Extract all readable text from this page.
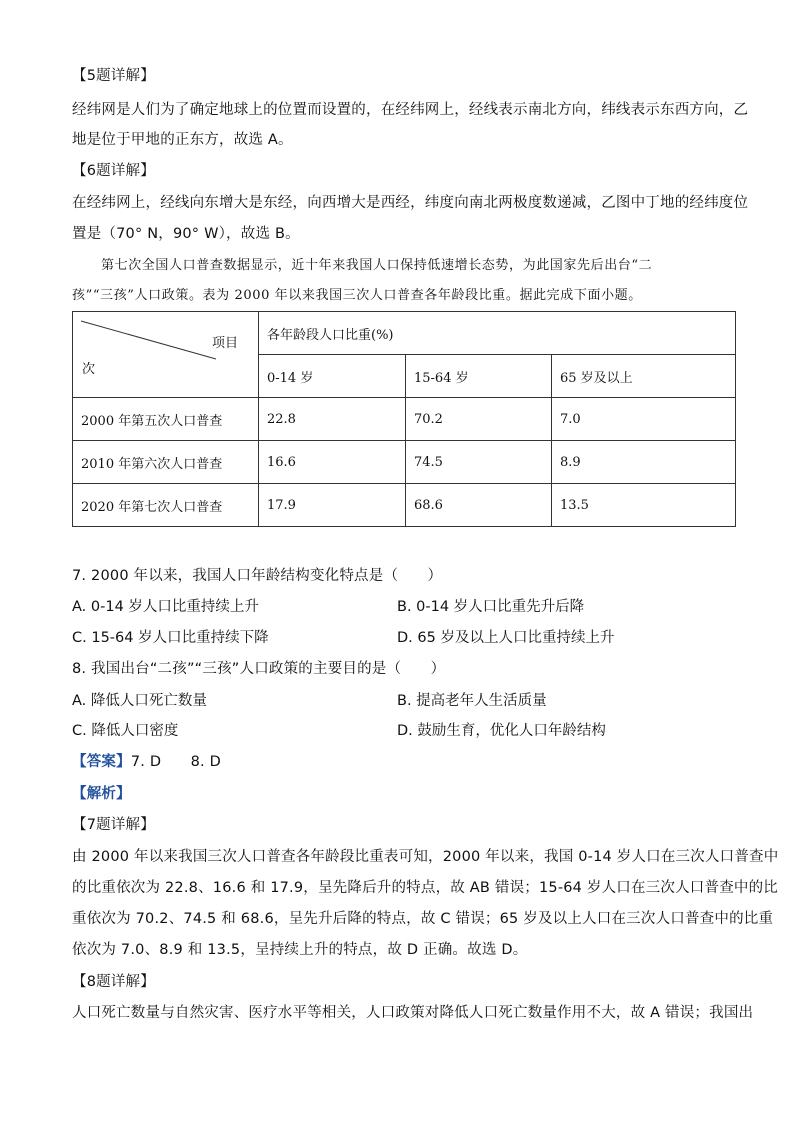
【5题详解】
经纬网是人们为了确定地球上的位置而设置的，在经纬网上，经线表示南北方向，纬线表示东西方向，乙
地是位于甲地的正东方，故选 A。
【6题详解】
在经纬网上，经线向东增大是东经，向西增大是西经，纬度向南北两极度数递减，乙图中丁地的经纬度位
置是（70° N，90° W），故选 B。
第七次全国人口普查数据显示，近十年来我国人口保持低速增长态势，为此国家先后出台“二
孩”“三孩”人口政策。表为 2000 年以来我国三次人口普查各年龄段比重。据此完成下面小题。
项目
次	各年龄段人口比重(%)		
	0-14 岁	15-64 岁	65 岁及以上
2000 年第五次人口普查	22.8	70.2	7.0
2010 年第六次人口普查	16.6	74.5	8.9
2020 年第七次人口普查	17.9	68.6	13.5
7. 2000 年以来，我国人口年龄结构变化特点是（　　）
A. 0-14 岁人口比重持续上升	B. 0-14 岁人口比重先升后降
C. 15-64 岁人口比重持续下降	D. 65 岁及以上人口比重持续上升
8. 我国出台“二孩”“三孩”人口政策的主要目的是（　　）
A. 降低人口死亡数量	B. 提高老年人生活质量
C. 降低人口密度	D. 鼓励生育，优化人口年龄结构
【答案】7. D　　8. D
【解析】
【7题详解】
由 2000 年以来我国三次人口普查各年龄段比重表可知，2000 年以来，我国 0-14 岁人口在三次人口普查中
的比重依次为 22.8、16.6 和 17.9，呈先降后升的特点，故 AB 错误；15-64 岁人口在三次人口普查中的比
重依次为 70.2、74.5 和 68.6，呈先升后降的特点，故 C 错误；65 岁及以上人口在三次人口普查中的比重
依次为 7.0、8.9 和 13.5，呈持续上升的特点，故 D 正确。故选 D。
【8题详解】
人口死亡数量与自然灾害、医疗水平等相关，人口政策对降低人口死亡数量作用不大，故 A 错误；我国出
